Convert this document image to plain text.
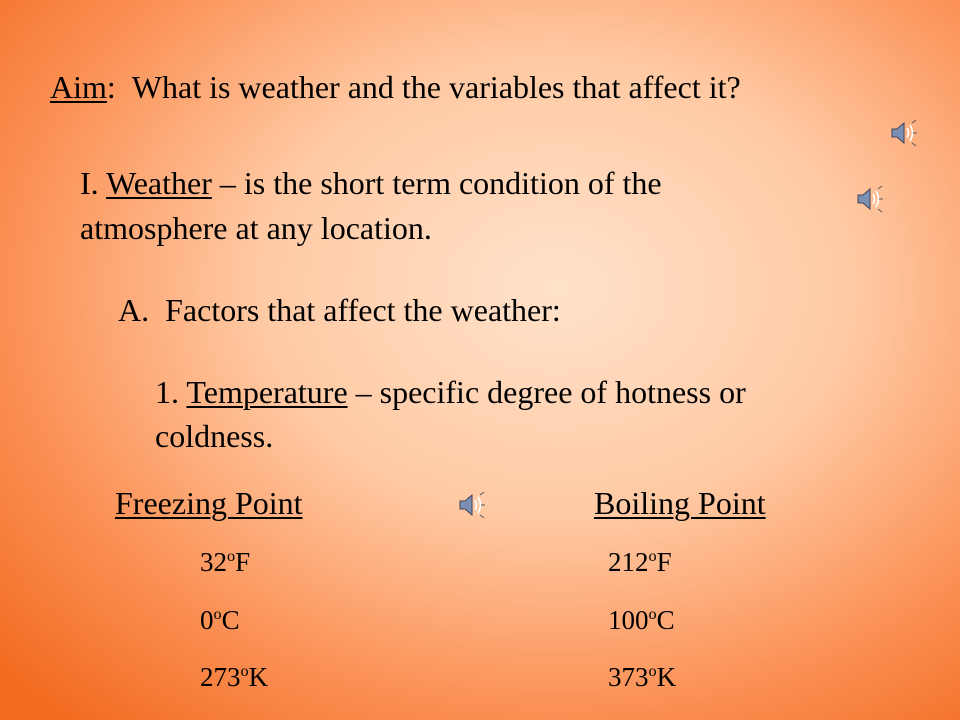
Aim:  What is weather and the variables that affect it?
I. Weather – is the short term condition of the
atmosphere at any location.
A. Factors that affect the weather:
1. Temperature – specific degree of hotness or
coldness.
Freezing Point	Boiling Point
32$^o$F
0$^o$C
273$^o$K
212$^o$F
100$^o$C
373$^o$K
